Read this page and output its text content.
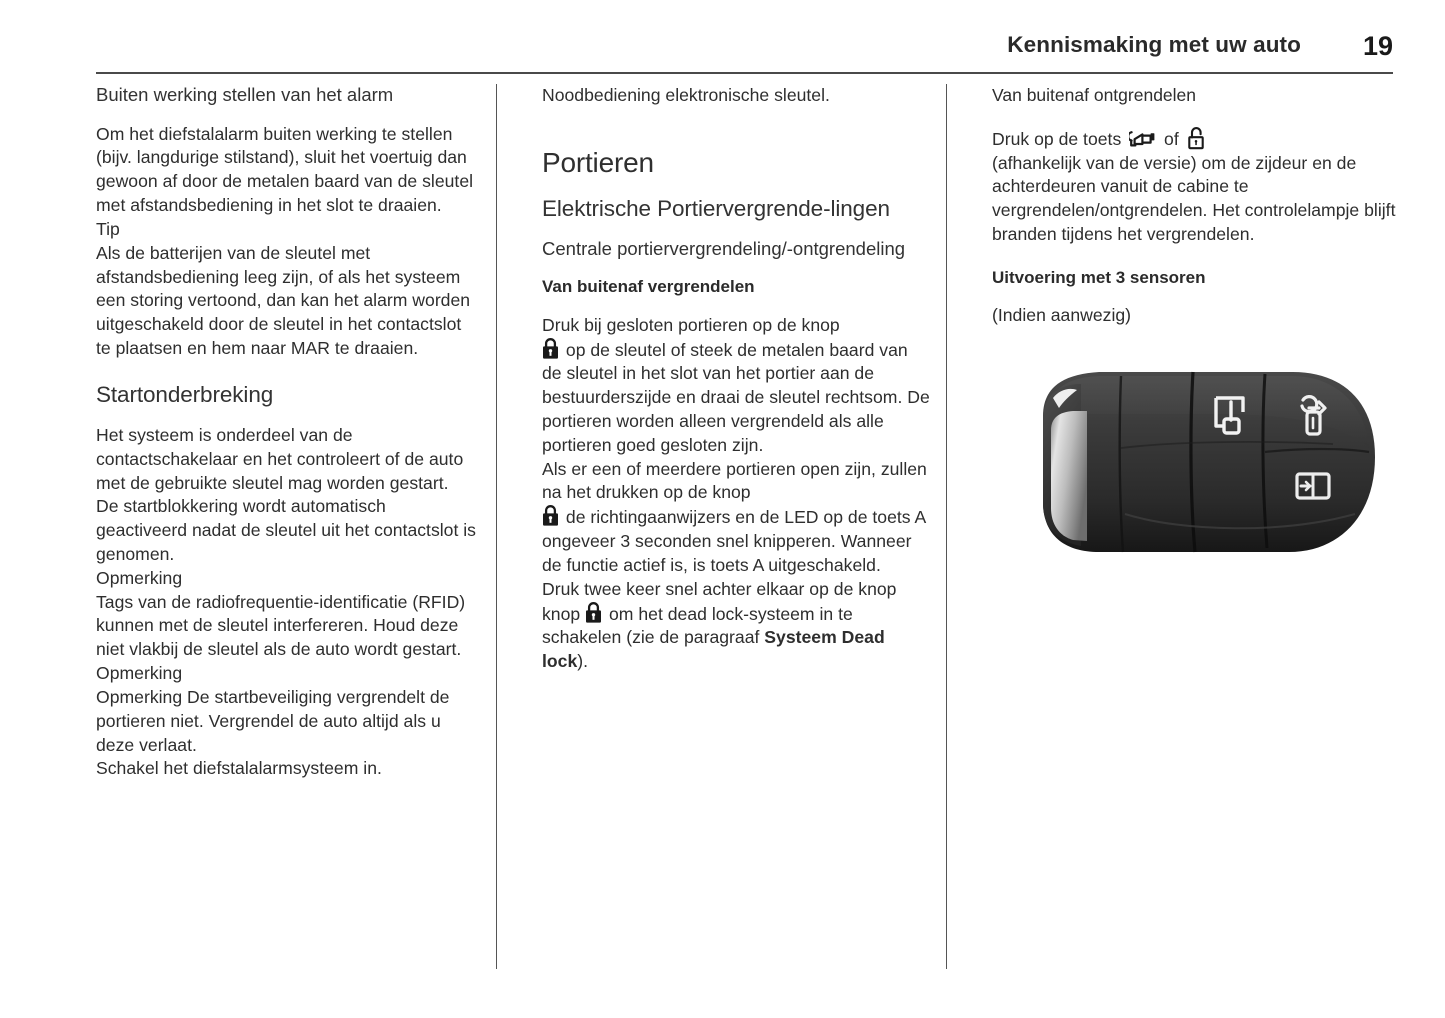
Kennismaking met uw auto 19
Buiten werking stellen van het alarm

Om het diefstalalarm buiten werking te stellen (bijv. langdurige stilstand), sluit het voertuig dan gewoon af door de metalen baard van de sleutel met afstandsbediening in het slot te draaien.

Tip

Als de batterijen van de sleutel met afstandsbediening leeg zijn, of als het systeem een storing vertoond, dan kan het alarm worden uitgeschakeld door de sleutel in het contactslot te plaatsen en hem naar MAR te draaien.

Startonderbreking

Het systeem is onderdeel van de contactschakelaar en het controleert of de auto met de gebruikte sleutel mag worden gestart.

De startblokkering wordt automatisch geactiveerd nadat de sleutel uit het contactslot is genomen.

Opmerking

Tags van de radiofrequentie-identificatie (RFID) kunnen met de sleutel interfereren. Houd deze niet vlakbij de sleutel als de auto wordt gestart.

Opmerking

Opmerking De startbeveiliging vergrendelt de portieren niet. Vergrendel de auto altijd als u deze verlaat.

Schakel het diefstalalarmsysteem in.

Noodbediening elektronische sleutel.

Portieren
Elektrische Portiervergrende-lingen
Centrale portiervergrendeling/-ontgrendeling
Van buitenaf vergrendelen

Druk bij gesloten portieren op de knop

op de sleutel of steek de metalen baard van de sleutel in het slot van het portier aan de bestuurderszijde en draai de sleutel rechtsom. De portieren worden alleen vergrendeld als alle portieren goed gesloten zijn.

Als er een of meerdere portieren open zijn, zullen na het drukken op de knop

de richtingaanwijzers en de LED op de toets A ongeveer 3 seconden snel knipperen. Wanneer de functie actief is, is toets A uitgeschakeld.

Druk twee keer snel achter elkaar op de knop

knop  om het dead lock-systeem in te schakelen (zie de paragraaf Systeem Dead lock).

Van buitenaf ontgrendelen

Druk op de toets  of

(afhankelijk van de versie) om de zijdeur en de achterdeuren vanuit de cabine te vergrendelen/ontgrendelen. Het controlelampje blijft branden tijdens het vergrendelen.

Uitvoering met 3 sensoren

(Indien aanwezig)
